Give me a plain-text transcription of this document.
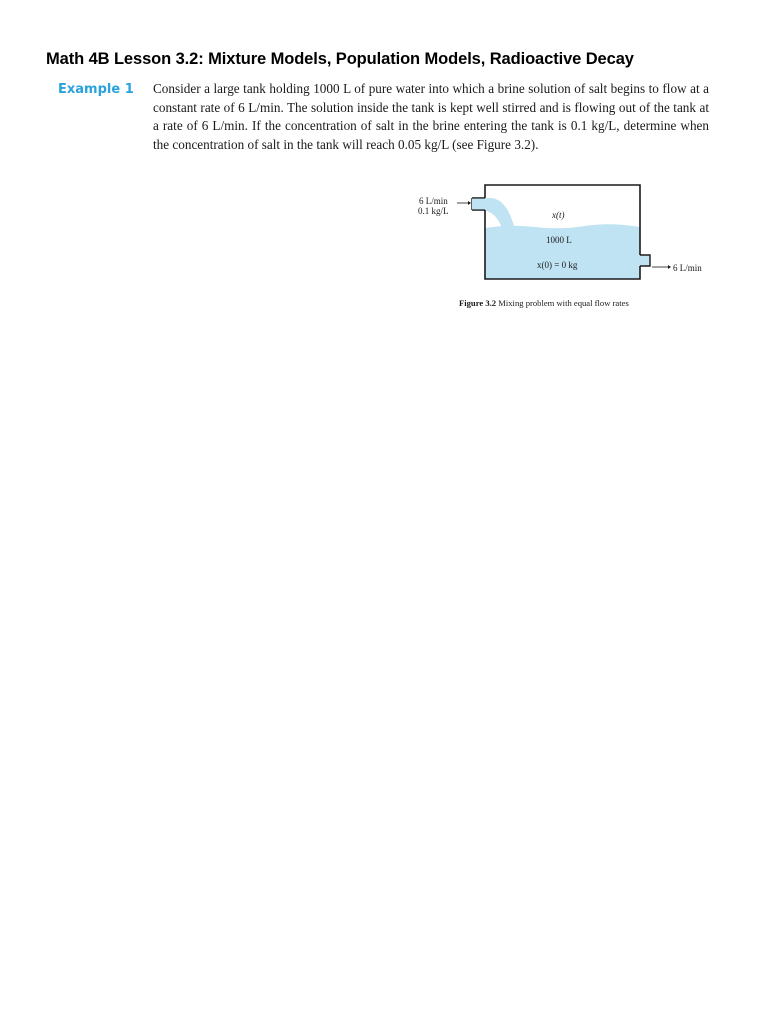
Math 4B Lesson 3.2: Mixture Models, Population Models, Radioactive Decay
Example 1 Consider a large tank holding 1000 L of pure water into which a brine solution of salt begins to flow at a constant rate of 6 L/min. The solution inside the tank is kept well stirred and is flowing out of the tank at a rate of 6 L/min. If the concentration of salt in the brine entering the tank is 0.1 kg/L, determine when the concentration of salt in the tank will reach 0.05 kg/L (see Figure 3.2).
6 L/min
0.1 kg/L	x(t)
1000 L
x(0) = 0 kg	6 L/min
Figure 3.2 Mixing problem with equal flow rates
